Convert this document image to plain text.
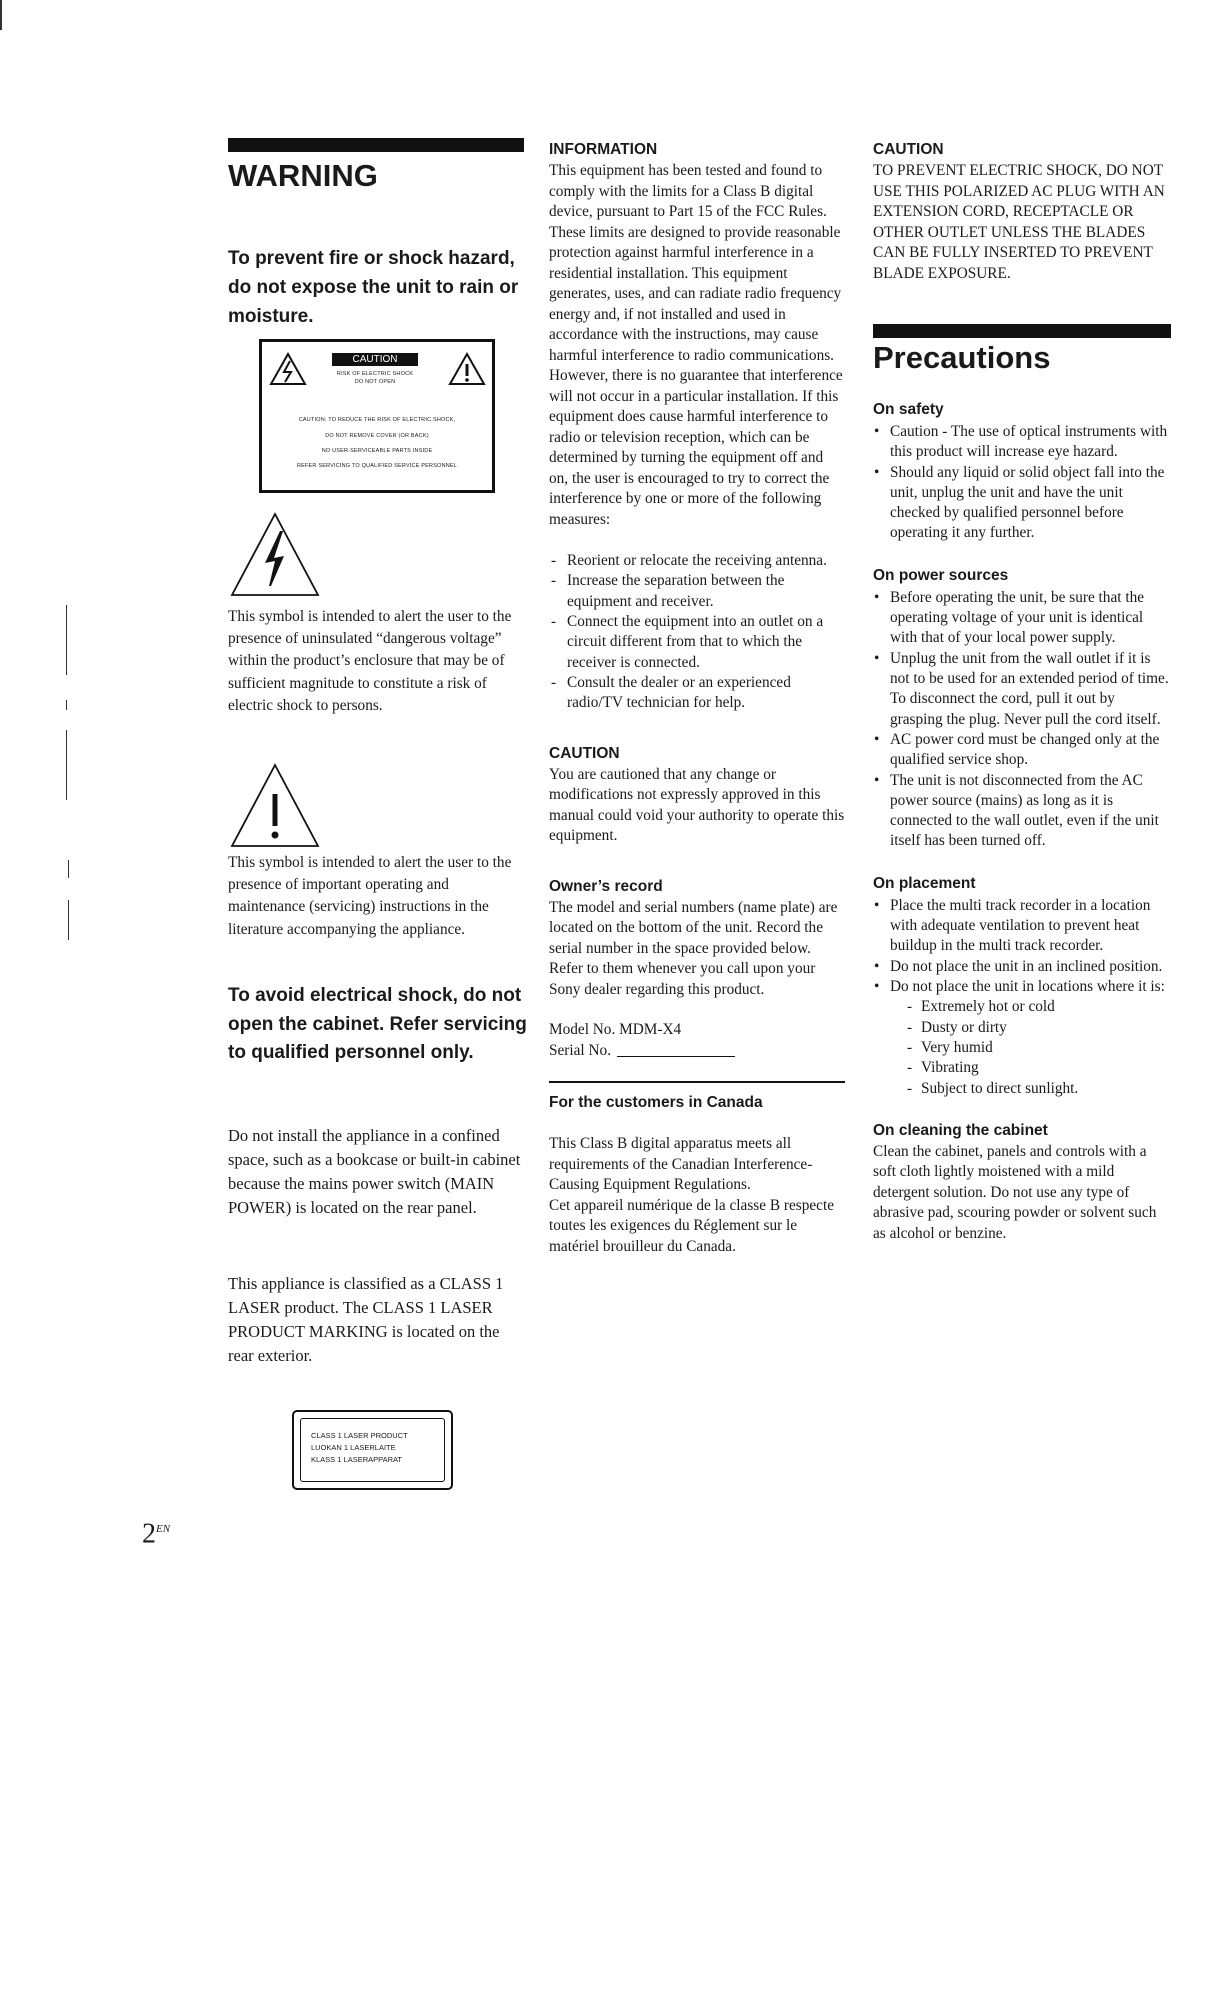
WARNING

To prevent fire or shock hazard, do not expose the unit to rain or moisture.

CAUTION
RISK OF ELECTRIC SHOCK
DO NOT OPEN
CAUTION: TO REDUCE THE RISK OF ELECTRIC SHOCK,
DO NOT REMOVE COVER (OR BACK)
NO USER-SERVICEABLE PARTS INSIDE
REFER SERVICING TO QUALIFIED SERVICE PERSONNEL

This symbol is intended to alert the user to the presence of uninsulated “dangerous voltage” within the product’s enclosure that may be of sufficient magnitude to constitute a risk of electric shock to persons.

This symbol is intended to alert the user to the presence of important operating and maintenance (servicing) instructions in the literature accompanying the appliance.

To avoid electrical shock, do not open the cabinet. Refer servicing to qualified personnel only.

Do not install the appliance in a confined space, such as a bookcase or built-in cabinet because the mains power switch (MAIN POWER) is located on the rear panel.

This appliance is classified as a CLASS 1 LASER product. The CLASS 1 LASER PRODUCT MARKING is located on the rear exterior.

CLASS 1 LASER PRODUCT
LUOKAN 1 LASERLAITE
KLASS 1 LASERAPPARAT
$2^{EN}$
INFORMATION

This equipment has been tested and found to comply with the limits for a Class B digital device, pursuant to Part 15 of the FCC Rules.

These limits are designed to provide reasonable protection against harmful interference in a residential installation. This equipment generates, uses, and can radiate radio frequency energy and, if not installed and used in accordance with the instructions, may cause harmful interference to radio communications. However, there is no guarantee that interference will not occur in a particular installation. If this equipment does cause harmful interference to radio or television reception, which can be determined by turning the equipment off and on, the user is encouraged to try to correct the interference by one or more of the following measures:

- Reorient or relocate the receiving antenna.
- Increase the separation between the equipment and receiver.
- Connect the equipment into an outlet on a circuit different from that to which the receiver is connected.
- Consult the dealer or an experienced radio/TV technician for help.
CAUTION

You are cautioned that any change or modifications not expressly approved in this manual could void your authority to operate this equipment.

Owner’s record

The model and serial numbers (name plate) are located on the bottom of the unit. Record the serial number in the space provided below. Refer to them whenever you call upon your Sony dealer regarding this product.

Model No. MDM-X4

Serial No.
For the customers in Canada

This Class B digital apparatus meets all requirements of the Canadian Interference-Causing Equipment Regulations.

Cet appareil numérique de la classe B respecte toutes les exigences du Réglement sur le matériel brouilleur du Canada.

CAUTION

TO PREVENT ELECTRIC SHOCK, DO NOT USE THIS POLARIZED AC PLUG WITH AN EXTENSION CORD, RECEPTACLE OR OTHER OUTLET UNLESS THE BLADES CAN BE FULLY INSERTED TO PREVENT BLADE EXPOSURE.

Precautions
On safety
• Caution - The use of optical instruments with this product will increase eye hazard.
• Should any liquid or solid object fall into the unit, unplug the unit and have the unit checked by qualified personnel before operating it any further.
On power sources
• Before operating the unit, be sure that the operating voltage of your unit is identical with that of your local power supply.
• Unplug the unit from the wall outlet if it is not to be used for an extended period of time. To disconnect the cord, pull it out by grasping the plug. Never pull the cord itself.
• AC power cord must be changed only at the qualified service shop.
• The unit is not disconnected from the AC power source (mains) as long as it is connected to the wall outlet, even if the unit itself has been turned off.
On placement
• Place the multi track recorder in a location with adequate ventilation to prevent heat buildup in the multi track recorder.
• Do not place the unit in an inclined position.
• Do not place the unit in locations where it is:
- Extremely hot or cold
- Dusty or dirty
- Very humid
- Vibrating
- Subject to direct sunlight.
On cleaning the cabinet

Clean the cabinet, panels and controls with a soft cloth lightly moistened with a mild detergent solution. Do not use any type of abrasive pad, scouring powder or solvent such as alcohol or benzine.
